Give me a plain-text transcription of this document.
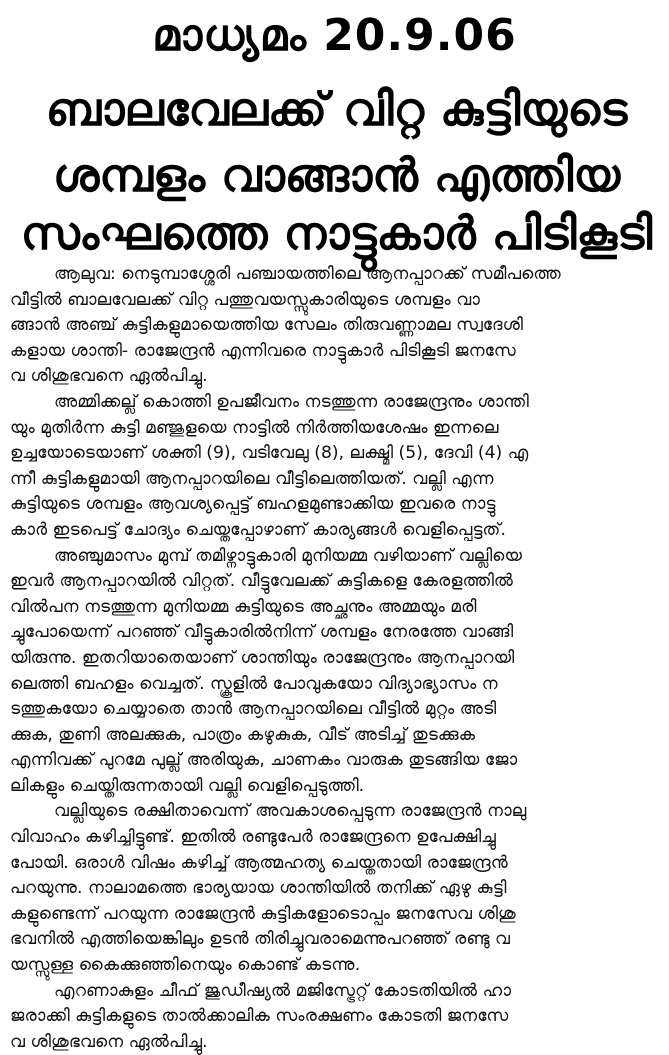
മാധ്യമം 20.9.06
ബാലവേലക്ക് വിറ്റ കുട്ടിയുടെ
ശമ്പളം വാങ്ങാൻ എത്തിയ
സംഘത്തെ നാട്ടുകാർ പിടികൂടി
ആലുവ: നെടുമ്പാശ്ശേരി പഞ്ചായത്തിലെ ആനപ്പാറക്ക് സമീപത്തെ
വീട്ടിൽ ബാലവേലക്ക് വിറ്റ പത്തുവയസ്സുകാരിയുടെ ശമ്പളം വാ
ങ്ങാൻ അഞ്ച് കുട്ടികളുമായെത്തിയ സേലം തിരുവണ്ണാമല സ്വദേശി
കളായ ശാന്തി- രാജേന്ദ്രൻ എന്നിവരെ നാട്ടുകാർ പിടികൂടി ജനസേ
വ ശിശുഭവനെ ഏൽപിച്ചു.
അമ്മിക്കല്ല് കൊത്തി ഉപജീവനം നടത്തുന്ന രാജേന്ദ്രനും ശാന്തി
യും മുതിർന്ന കുട്ടി മഞ്ജുളയെ നാട്ടിൽ നിർത്തിയശേഷം ഇന്നലെ
ഉച്ചയോടെയാണ് ശക്തി (9), വടിവേലു (8), ലക്ഷ്മി (5), ദേവി (4) എ
ന്നീ കുട്ടികളുമായി ആനപ്പാറയിലെ വീട്ടിലെത്തിയത്. വല്ലി എന്ന
കുട്ടിയുടെ ശമ്പളം ആവശ്യപ്പെട്ട് ബഹളമുണ്ടാക്കിയ ഇവരെ നാട്ടു
കാർ ഇടപെട്ട് ചോദ്യം ചെയ്തപ്പോഴാണ് കാര്യങ്ങൾ വെളിപ്പെട്ടത്.
അഞ്ചുമാസം മുമ്പ് തമിഴ്നാട്ടുകാരി മുനിയമ്മ വഴിയാണ് വല്ലിയെ
ഇവർ ആനപ്പാറയിൽ വിറ്റത്. വീട്ടുവേലക്ക് കുട്ടികളെ കേരളത്തിൽ
വിൽപന നടത്തുന്ന മുനിയമ്മ കുട്ടിയുടെ അച്ഛനും അമ്മയും മരി
ച്ചുപോയെന്ന് പറഞ്ഞ് വീട്ടുകാരിൽനിന്ന് ശമ്പളം നേരത്തേ വാങ്ങി
യിരുന്നു. ഇതറിയാതെയാണ് ശാന്തിയും രാജേന്ദ്രനും ആനപ്പാറയി
ലെത്തി ബഹളം വെച്ചത്. സ്കൂളിൽ പോവുകയോ വിദ്യാഭ്യാസം ന
ടത്തുകയോ ചെയ്യാതെ താൻ ആനപ്പാറയിലെ വീട്ടിൽ മുറ്റം അടി
ക്കുക, തുണി അലക്കുക, പാത്രം കഴുകുക, വീട് അടിച്ച് തുടക്കുക
എന്നിവക്ക് പുറമേ പുല്ല് അരിയുക, ചാണകം വാരുക തുടങ്ങിയ ജോ
ലികളും ചെയ്തിരുന്നതായി വല്ലി വെളിപ്പെടുത്തി.
വല്ലിയുടെ രക്ഷിതാവെന്ന് അവകാശപ്പെടുന്ന രാജേന്ദ്രൻ നാലു
വിവാഹം കഴിച്ചിട്ടുണ്ട്. ഇതിൽ രണ്ടുപേർ രാജേന്ദ്രനെ ഉപേക്ഷിച്ചു
പോയി. ഒരാൾ വിഷം കഴിച്ച് ആത്മഹത്യ ചെയ്തതായി രാജേന്ദ്രൻ
പറയുന്നു. നാലാമത്തെ ഭാര്യയായ ശാന്തിയിൽ തനിക്ക് ഏഴു കുട്ടി
കളുണ്ടെന്ന് പറയുന്ന രാജേന്ദ്രൻ കുട്ടികളോടൊപ്പം ജനസേവ ശിശു
ഭവനിൽ എത്തിയെങ്കിലും ഉടൻ തിരിച്ചുവരാമെന്നുപറഞ്ഞ് രണ്ടു വ
യസ്സുള്ള കൈക്കുഞ്ഞിനെയും കൊണ്ട് കടന്നു.
എറണാകുളം ചീഫ് ജുഡീഷ്യൽ മജിസ്ട്രേറ്റ് കോടതിയിൽ ഹാ
ജരാക്കി കുട്ടികളുടെ താൽക്കാലിക സംരക്ഷണം കോടതി ജനസേ
വ ശിശുഭവനെ ഏൽപിച്ചു.
